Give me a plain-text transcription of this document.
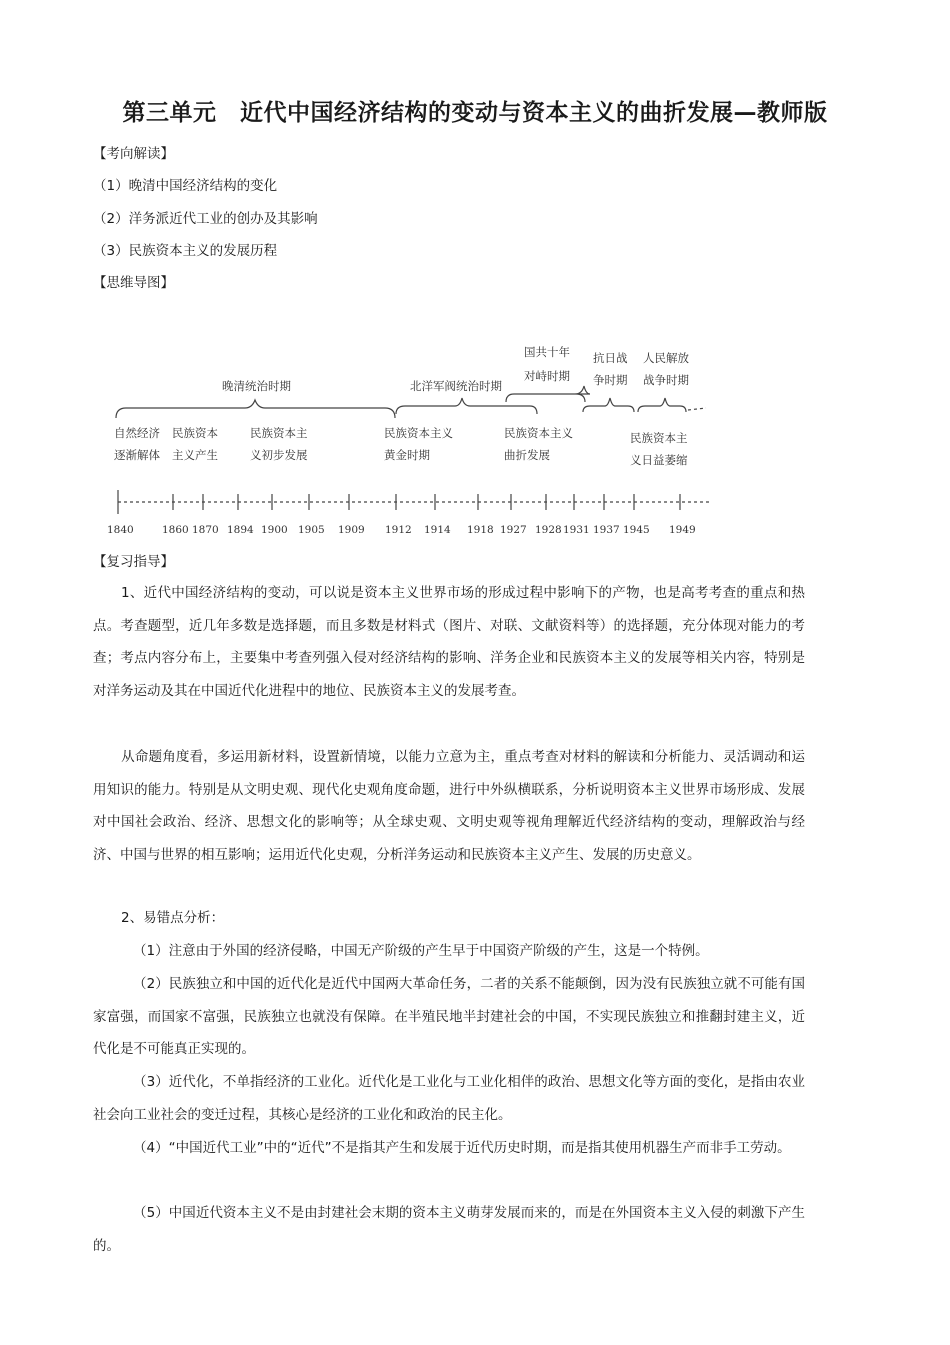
第三单元　近代中国经济结构的变动与资本主义的曲折发展—教师版
【考向解读】
（1）晚清中国经济结构的变化
（2）洋务派近代工业的创办及其影响
（3）民族资本主义的发展历程
【思维导图】
晚清统治时期	北洋军阀统治时期
国共十年
对峙时期
抗日战
争时期
人民解放
战争时期
自然经济
逐渐解体
民族资本
主义产生
民族资本主
义初步发展
民族资本主义
黄金时期
民族资本主义
曲折发展
民族资本主
义日益萎缩
1840	1860 1870 1894 1900 1905 1909 1912 1914 1918 1927 1928 1931 1937 1945 1949
【复习指导】
1、近代中国经济结构的变动，可以说是资本主义世界市场的形成过程中影响下的产物，也是高考考查的重点和热点。考查题型，近几年多数是选择题，而且多数是材料式（图片、对联、文献资料等）的选择题，充分体现对能力的考查；考点内容分布上，主要集中考查列强入侵对经济结构的影响、洋务企业和民族资本主义的发展等相关内容，特别是对洋务运动及其在中国近代化进程中的地位、民族资本主义的发展考查。
从命题角度看，多运用新材料，设置新情境，以能力立意为主，重点考查对材料的解读和分析能力、灵活调动和运用知识的能力。特别是从文明史观、现代化史观角度命题，进行中外纵横联系，分析说明资本主义世界市场形成、发展对中国社会政治、经济、思想文化的影响等；从全球史观、文明史观等视角理解近代经济结构的变动，理解政治与经济、中国与世界的相互影响；运用近代化史观，分析洋务运动和民族资本主义产生、发展的历史意义。
2、易错点分析：
（1）注意由于外国的经济侵略，中国无产阶级的产生早于中国资产阶级的产生，这是一个特例。
（2）民族独立和中国的近代化是近代中国两大革命任务，二者的关系不能颠倒，因为没有民族独立就不可能有国家富强，而国家不富强，民族独立也就没有保障。在半殖民地半封建社会的中国，不实现民族独立和推翻封建主义，近代化是不可能真正实现的。
（3）近代化，不单指经济的工业化。近代化是工业化与工业化相伴的政治、思想文化等方面的变化，是指由农业社会向工业社会的变迁过程，其核心是经济的工业化和政治的民主化。
（4）“中国近代工业”中的“近代”不是指其产生和发展于近代历史时期，而是指其使用机器生产而非手工劳动。
（5）中国近代资本主义不是由封建社会末期的资本主义萌芽发展而来的，而是在外国资本主义入侵的刺激下产生的。
